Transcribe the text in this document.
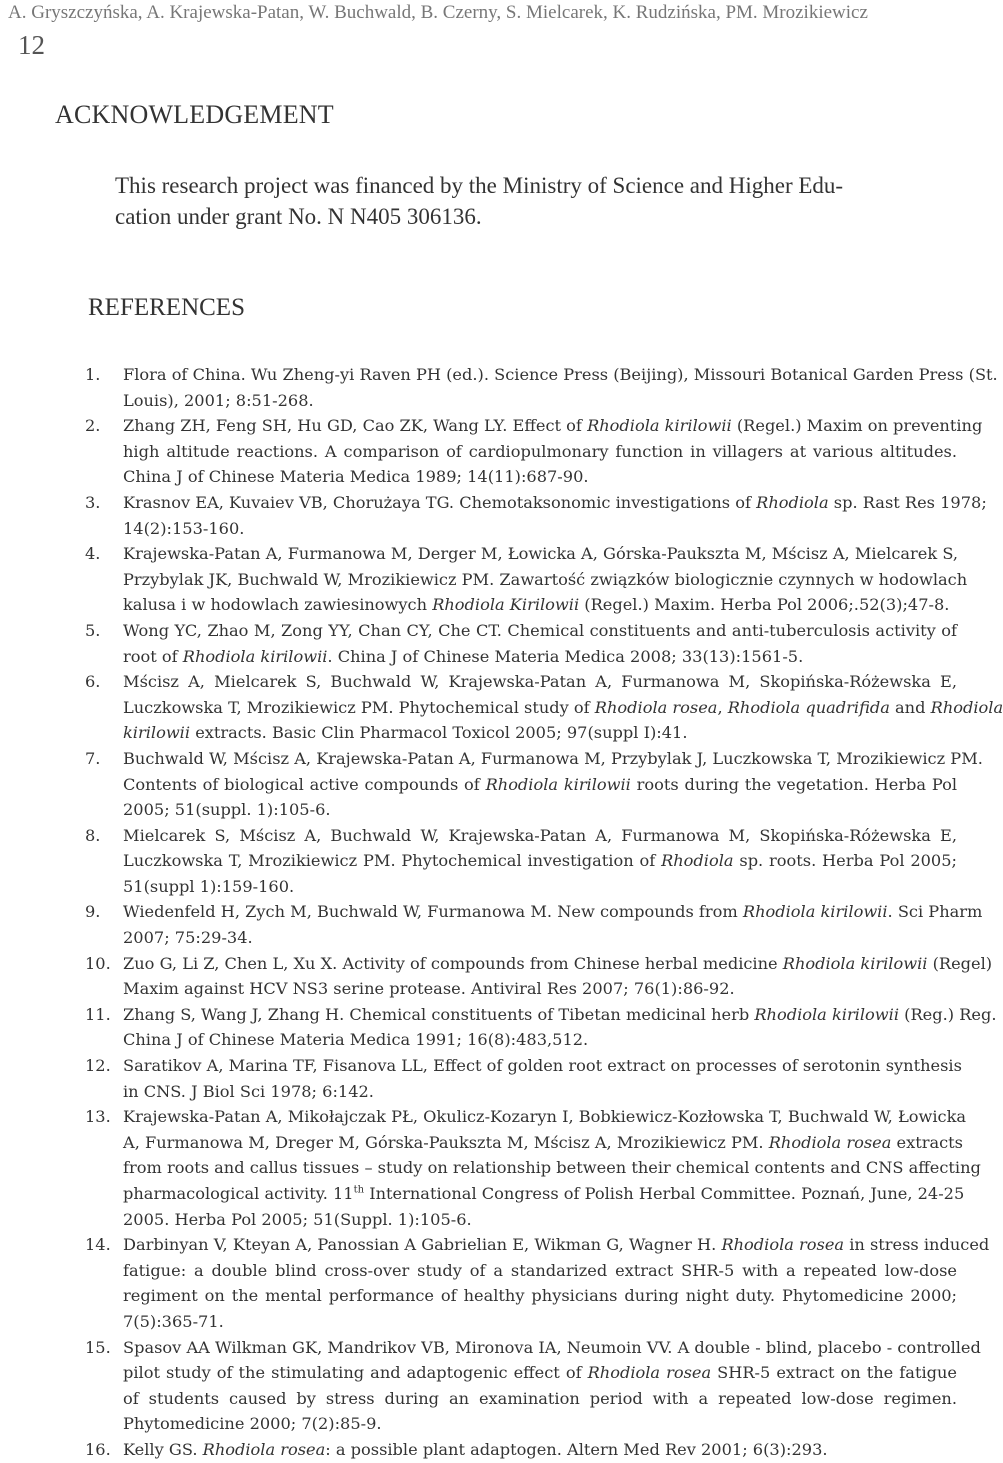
A. Gryszczyńska, A. Krajewska-Patan, W. Buchwald, B. Czerny, S. Mielcarek, K. Rudzińska, PM. Mrozikiewicz
12
ACKNOWLEDGEMENT
This research project was financed by the Ministry of Science and Higher Edu-
cation under grant No. N N405 306136.
REFERENCES
1.	Flora of China. Wu Zheng-yi Raven PH (ed.). Science Press (Beijing), Missouri Botanical Garden Press (St.
Louis), 2001; 8:51-268.
2.	Zhang ZH, Feng SH, Hu GD, Cao ZK, Wang LY. Effect of Rhodiola kirilowii (Regel.) Maxim on preventing
high altitude reactions. A comparison of cardiopulmonary function in villagers at various altitudes.
China J of Chinese Materia Medica 1989; 14(11):687-90.
3.	Krasnov EA, Kuvaiev VB, Chorużaya TG. Chemotaksonomic investigations of Rhodiola sp. Rast Res 1978;
14(2):153-160.
4.	Krajewska-Patan A, Furmanowa M, Derger M, Łowicka A, Górska-Paukszta M, Mścisz A, Mielcarek S,
Przybylak JK, Buchwald W, Mrozikiewicz PM. Zawartość związków biologicznie czynnych w hodowlach
kalusa i w hodowlach zawiesinowych Rhodiola Kirilowii (Regel.) Maxim. Herba Pol 2006;.52(3);47-8.
5.	Wong YC, Zhao M, Zong YY, Chan CY, Che CT. Chemical constituents and anti-tuberculosis activity of
root of Rhodiola kirilowii. China J of Chinese Materia Medica 2008; 33(13):1561-5.
6.	Mścisz A, Mielcarek S, Buchwald W, Krajewska-Patan A, Furmanowa M, Skopińska-Różewska E,
Luczkowska T, Mrozikiewicz PM. Phytochemical study of Rhodiola rosea, Rhodiola quadrifida and Rhodiola
kirilowii extracts. Basic Clin Pharmacol Toxicol 2005; 97(suppl I):41.
7.	Buchwald W, Mścisz A, Krajewska-Patan A, Furmanowa M, Przybylak J, Luczkowska T, Mrozikiewicz PM.
Contents of biological active compounds of Rhodiola kirilowii roots during the vegetation. Herba Pol
2005; 51(suppl. 1):105-6.
8.	Mielcarek S, Mścisz A, Buchwald W, Krajewska-Patan A, Furmanowa M, Skopińska-Różewska E,
Luczkowska T, Mrozikiewicz PM. Phytochemical investigation of Rhodiola sp. roots. Herba Pol 2005;
51(suppl 1):159-160.
9.	Wiedenfeld H, Zych M, Buchwald W, Furmanowa M. New compounds from Rhodiola kirilowii. Sci Pharm
2007; 75:29-34.
10. Zuo G, Li Z, Chen L, Xu X. Activity of compounds from Chinese herbal medicine Rhodiola kirilowii (Regel)
Maxim against HCV NS3 serine protease. Antiviral Res 2007; 76(1):86-92.
11. Zhang S, Wang J, Zhang H. Chemical constituents of Tibetan medicinal herb Rhodiola kirilowii (Reg.) Reg.
China J of Chinese Materia Medica 1991; 16(8):483,512.
12. Saratikov A, Marina TF, Fisanova LL, Effect of golden root extract on processes of serotonin synthesis
in CNS. J Biol Sci 1978; 6:142.
13. Krajewska-Patan A, Mikołajczak PŁ, Okulicz-Kozaryn I, Bobkiewicz-Kozłowska T, Buchwald W, Łowicka
A, Furmanowa M, Dreger M, Górska-Paukszta M, Mścisz A, Mrozikiewicz PM. Rhodiola rosea extracts
from roots and callus tissues – study on relationship between their chemical contents and CNS affecting
pharmacological activity. 11th International Congress of Polish Herbal Committee. Poznań, June, 24-25
2005. Herba Pol 2005; 51(Suppl. 1):105-6.
14. Darbinyan V, Kteyan A, Panossian A Gabrielian E, Wikman G, Wagner H. Rhodiola rosea in stress induced
fatigue: a double blind cross-over study of a standarized extract SHR-5 with a repeated low-dose
regiment on the mental performance of healthy physicians during night duty. Phytomedicine 2000;
7(5):365-71.
15. Spasov AA Wilkman GK, Mandrikov VB, Mironova IA, Neumoin VV. A double - blind, placebo - controlled
pilot study of the stimulating and adaptogenic effect of Rhodiola rosea SHR-5 extract on the fatigue
of students caused by stress during an examination period with a repeated low-dose regimen.
Phytomedicine 2000; 7(2):85-9.
16. Kelly GS. Rhodiola rosea: a possible plant adaptogen. Altern Med Rev 2001; 6(3):293.
